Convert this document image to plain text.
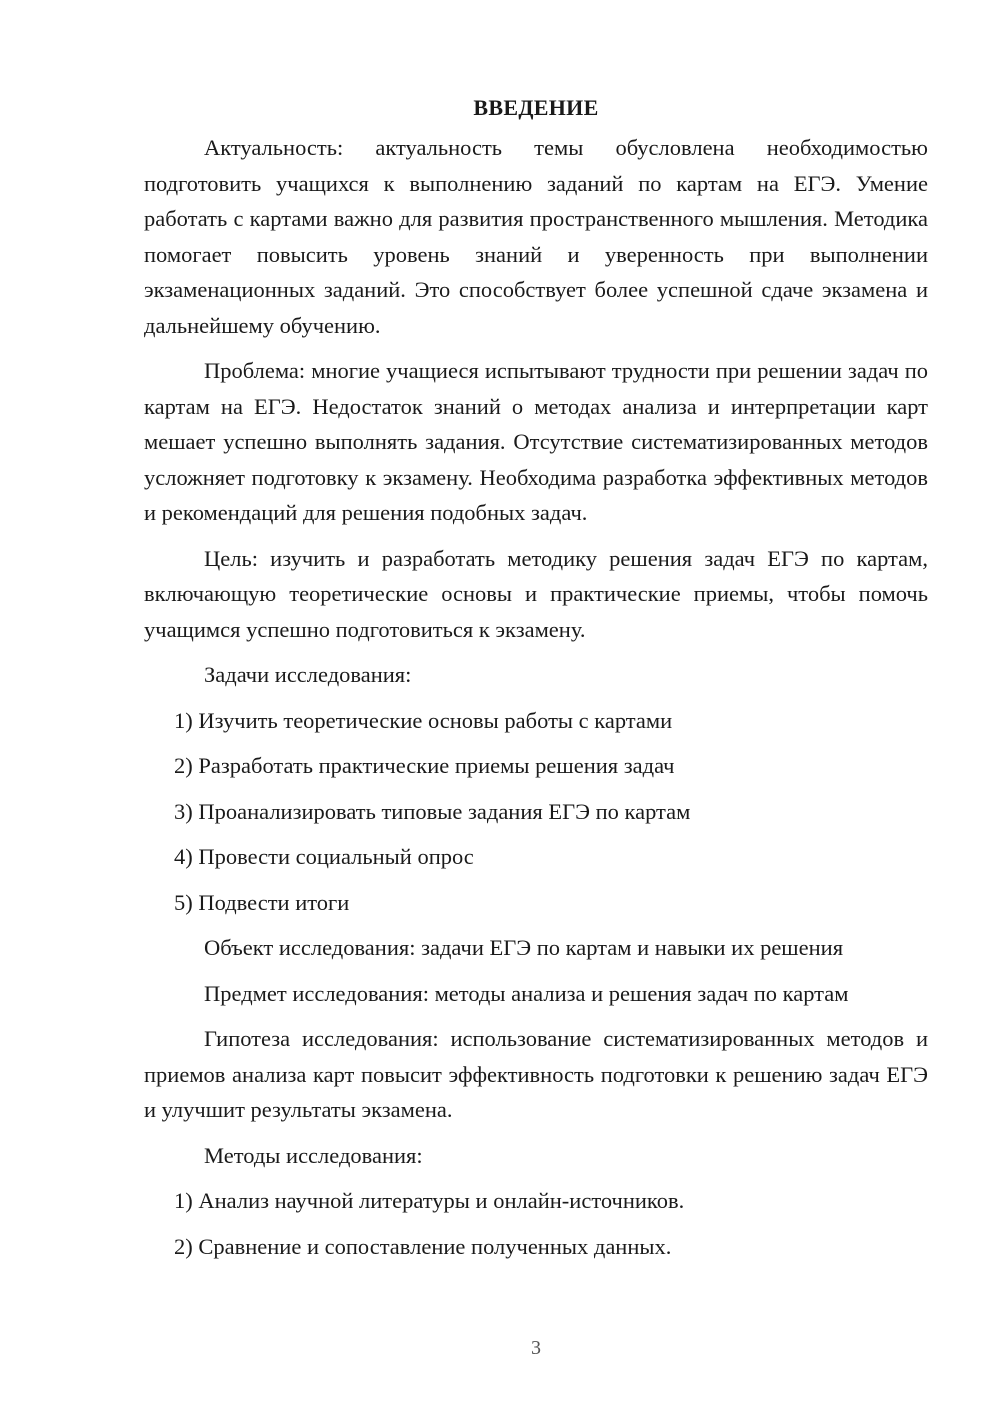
ВВЕДЕНИЕ

Актуальность: актуальность темы обусловлена необходимостью подготовить учащихся к выполнению заданий по картам на ЕГЭ. Умение работать с картами важно для развития пространственного мышления. Методика помогает повысить уровень знаний и уверенность при выполнении экзаменационных заданий. Это способствует более успешной сдаче экзамена и дальнейшему обучению.

Проблема: многие учащиеся испытывают трудности при решении задач по картам на ЕГЭ. Недостаток знаний о методах анализа и интерпретации карт мешает успешно выполнять задания. Отсутствие систематизированных методов усложняет подготовку к экзамену. Необходима разработка эффективных методов и рекомендаций для решения подобных задач.

Цель: изучить и разработать методику решения задач ЕГЭ по картам, включающую теоретические основы и практические приемы, чтобы помочь учащимся успешно подготовиться к экзамену.

Задачи исследования:
1) Изучить теоретические основы работы с картами
2) Разработать практические приемы решения задач
3) Проанализировать типовые задания ЕГЭ по картам
4) Провести социальный опрос
5) Подвести итоги
Объект исследования: задачи ЕГЭ по картам и навыки их решения
Предмет исследования: методы анализа и решения задач по картам

Гипотеза исследования: использование систематизированных методов и приемов анализа карт повысит эффективность подготовки к решению задач ЕГЭ и улучшит результаты экзамена.

Методы исследования:
1) Анализ научной литературы и онлайн-источников.
2) Сравнение и сопоставление полученных данных.
3
